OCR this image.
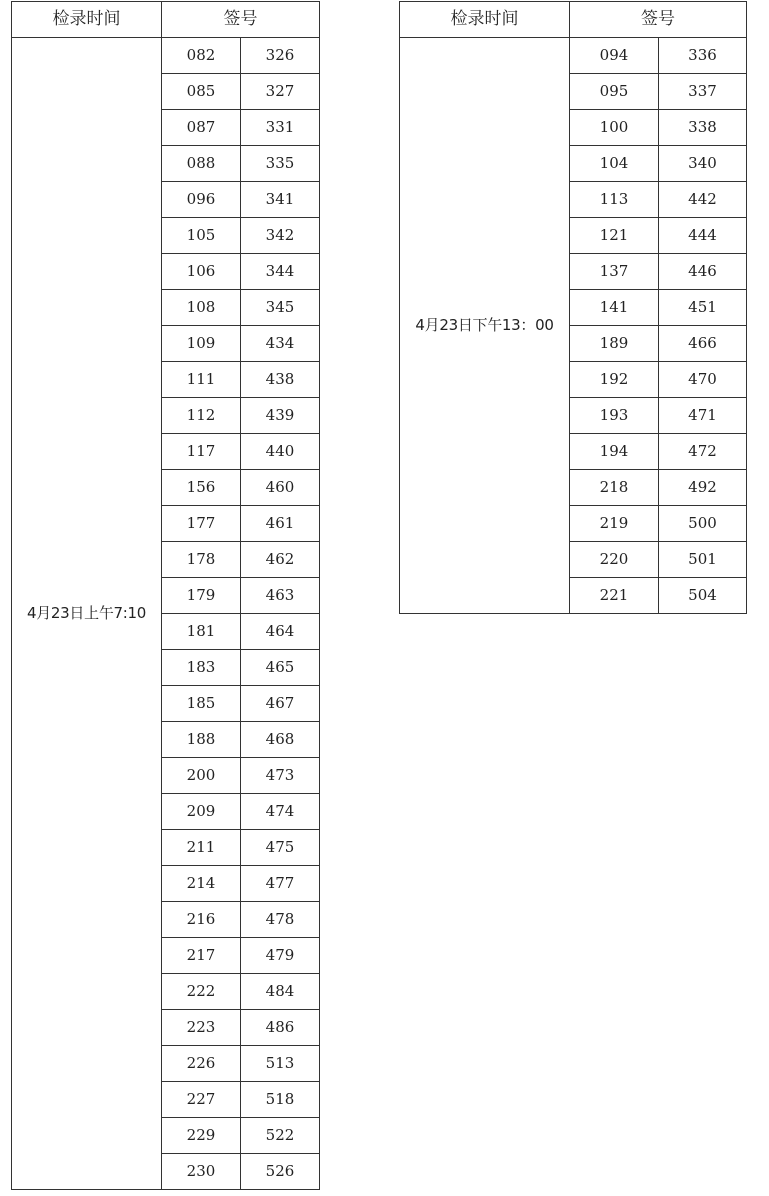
检录时间	签号	
4月23日上午7:10	082	326
	085	327
	087	331
	088	335
	096	341
	105	342
	106	344
	108	345
	109	434
	111	438
	112	439
	117	440
	156	460
	177	461
	178	462
	179	463
	181	464
	183	465
	185	467
	188	468
	200	473
	209	474
	211	475
	214	477
	216	478
	217	479
	222	484
	223	486
	226	513
	227	518
	229	522
	230	526
检录时间	签号	
4月23日下午13：00	094	336
	095	337
	100	338
	104	340
	113	442
	121	444
	137	446
	141	451
	189	466
	192	470
	193	471
	194	472
	218	492
	219	500
	220	501
	221	504
